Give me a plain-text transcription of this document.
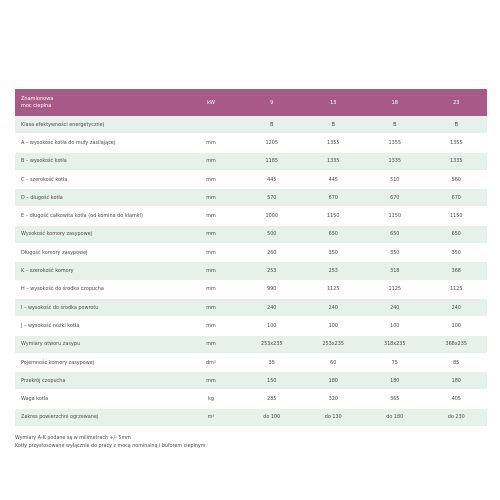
Znamionowa
moc cieplna	kW	9	13	18	23
Klasa efektywności energetycznej		B	B	B	B
A – wysokość kotła do mufy zasilającej	mm	1205	1355	1355	1355
B – wysokość kotła	mm	1185	1335	1335	1335
C – szerokość kotła	mm	445	445	510	560
D – długość kotła	mm	570	670	670	670
E – długość całkowita kotła (od komina do klamki)	mm	1000	1150	1150	1150
Wysokość komory zasypowej	mm	500	650	650	650
Długość komory zasypowej	mm	260	350	350	350
K – szerokość komory	mm	253	253	318	368
H – wysokość do środka czopucha	mm	990	1125	1125	1125
I – wysokość do środka powrotu	mm	240	240	240	240
J – wysokość nóżki kotła	mm	100	100	100	100
Wymiary otworu zasypu	mm	253x235	253x235	318x235	368x235
Pojemność komory zasypowej	dm³	35	60	75	85
Przekrój czopucha	mm	150	180	180	180
Waga kotła	kg	285	320	365	405
Zakres powierzchni ogrzewanej	m²	do 100	do 130	do 180	do 230
Wymiary A-K podane są w milimetrach +/- 5mm
Kotły przystosowane wyłącznie do pracy z mocą nominalną i buforem cieplnym.
